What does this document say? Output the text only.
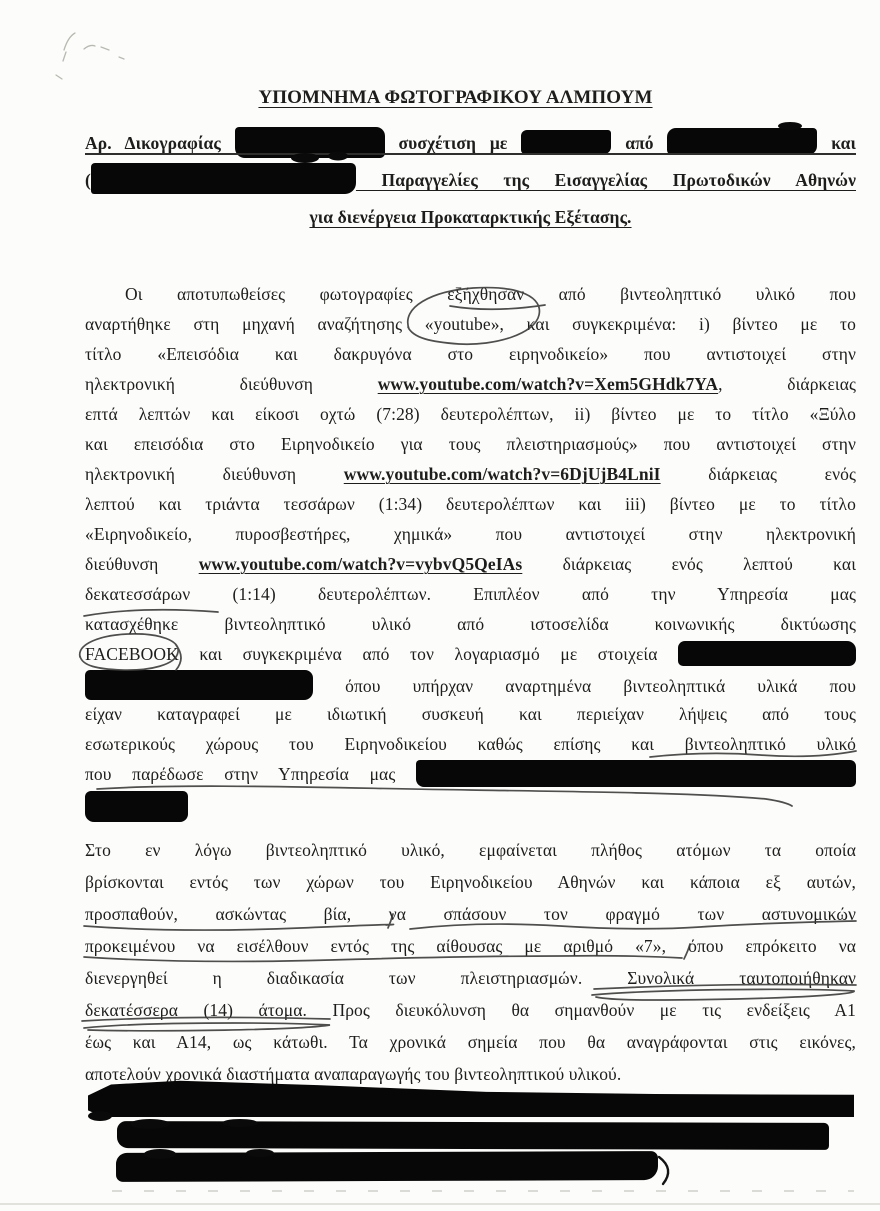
ΥΠΟΜΝΗΜΑ ΦΩΤΟΓΡΑΦΙΚΟΥ ΑΛΜΠΟΥΜ
Αρ. Δικογραφίας	συσχέτιση με	από	και
(	Παραγγελίες της Εισαγγελίας Πρωτοδικών Αθηνών
για διενέργεια Προκαταρκτικής Εξέτασης.
Οι αποτυπωθείσες φωτογραφίες εξήχθησαν από βιντεοληπτικό υλικό που
αναρτήθηκε στη μηχανή αναζήτησης «youtube», και συγκεκριμένα: i) βίντεο με το
τίτλο «Επεισόδια και δακρυγόνα στο ειρηνοδικείο» που αντιστοιχεί στην
ηλεκτρονική διεύθυνση www.youtube.com/watch?v=Xem5GHdk7YA, διάρκειας
επτά λεπτών και είκοσι οχτώ (7:28) δευτερολέπτων, ii) βίντεο με το τίτλο «Ξύλο
και επεισόδια στο Ειρηνοδικείο για τους πλειστηριασμούς» που αντιστοιχεί στην
ηλεκτρονική διεύθυνση www.youtube.com/watch?v=6DjUjB4LniI διάρκειας ενός
λεπτού και τριάντα τεσσάρων (1:34) δευτερολέπτων και iii) βίντεο με το τίτλο
«Ειρηνοδικείο, πυροσβεστήρες, χημικά» που αντιστοιχεί στην ηλεκτρονική
διεύθυνση www.youtube.com/watch?v=vybvQ5QeIAs διάρκειας ενός λεπτού και
δεκατεσσάρων (1:14) δευτερολέπτων. Επιπλέον από την Υπηρεσία μας
κατασχέθηκε βιντεοληπτικό υλικό από ιστοσελίδα κοινωνικής δικτύωσης
FACEBOOK και συγκεκριμένα από τον λογαριασμό με στοιχεία
όπου υπήρχαν αναρτημένα βιντεοληπτικά υλικά που
είχαν καταγραφεί με ιδιωτική συσκευή και περιείχαν λήψεις από τους
εσωτερικούς χώρους του Ειρηνοδικείου καθώς επίσης και βιντεοληπτικό υλικό
που παρέδωσε στην Υπηρεσία μας
Στο εν λόγω βιντεοληπτικό υλικό, εμφαίνεται πλήθος ατόμων τα οποία
βρίσκονται εντός των χώρων του Ειρηνοδικείου Αθηνών και κάποια εξ αυτών,
προσπαθούν, ασκώντας βία, να σπάσουν τον φραγμό των αστυνομικών
προκειμένου να εισέλθουν εντός της αίθουσας με αριθμό «7», όπου επρόκειτο να
διενεργηθεί η διαδικασία των πλειστηριασμών. Συνολικά ταυτοποιήθηκαν
δεκατέσσερα (14) άτομα. Προς διευκόλυνση θα σημανθούν με τις ενδείξεις Α1
έως και Α14, ως κάτωθι. Τα χρονικά σημεία που θα αναγράφονται στις εικόνες,
αποτελούν χρονικά διαστήματα αναπαραγωγής του βιντεοληπτικού υλικού.
